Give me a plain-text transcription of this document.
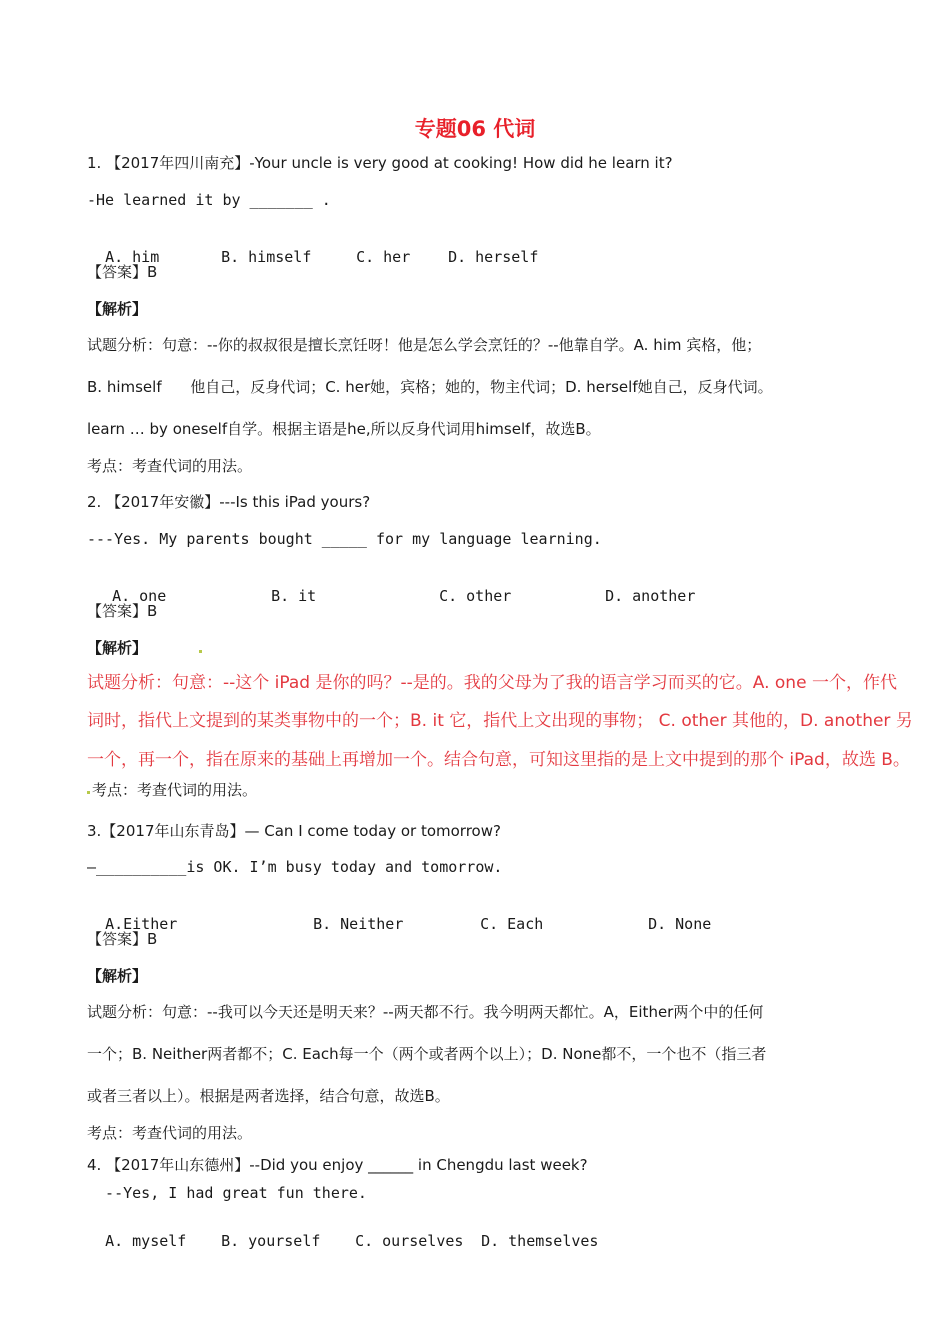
专题06 代词
1. 【2017年四川南充】-Your uncle is very good at cooking! How did he learn it?
-He learned it by _______ .

A. him	B. himself	C. her	D. herself

【答案】B
【解析】
试题分析：句意：--你的叔叔很是擅长烹饪呀！他是怎么学会烹饪的？--他靠自学。A. him 宾格，他；
B. himself      他自己，反身代词；C. her她，宾格；她的，物主代词；D. herself她自己，反身代词。
learn … by oneself自学。根据主语是he,所以反身代词用himself，故选B。
考点：考查代词的用法。
2. 【2017年安徽】---Is this iPad yours?
---Yes. My parents bought _____ for my language learning.

A. one	B. it	C. other	D. another

【答案】B
【解析】
试题分析：句意：--这个 iPad 是你的吗？--是的。我的父母为了我的语言学习而买的它。A. one 一个，作代
词时，指代上文提到的某类事物中的一个；B. it 它，指代上文出现的事物； C. other 其他的，D. another 另
一个，再一个，指在原来的基础上再增加一个。结合句意，可知这里指的是上文中提到的那个 iPad，故选 B。
考点：考查代词的用法。
3.【2017年山东青岛】— Can I come today or tomorrow?
—__________is OK. I’m busy today and tomorrow.

A.Either	B. Neither	C. Each	D. None

【答案】B
【解析】
试题分析：句意：--我可以今天还是明天来？--两天都不行。我今明两天都忙。A，Either两个中的任何
一个；B. Neither两者都不；C. Each每一个（两个或者两个以上）；D. None都不，一个也不（指三者
或者三者以上）。根据是两者选择，结合句意，故选B。
考点：考查代词的用法。
4. 【2017年山东德州】--Did you enjoy ______ in Chengdu last week?
--Yes, I had great fun there.

A. myself B. yourself C. ourselves D. themselves
